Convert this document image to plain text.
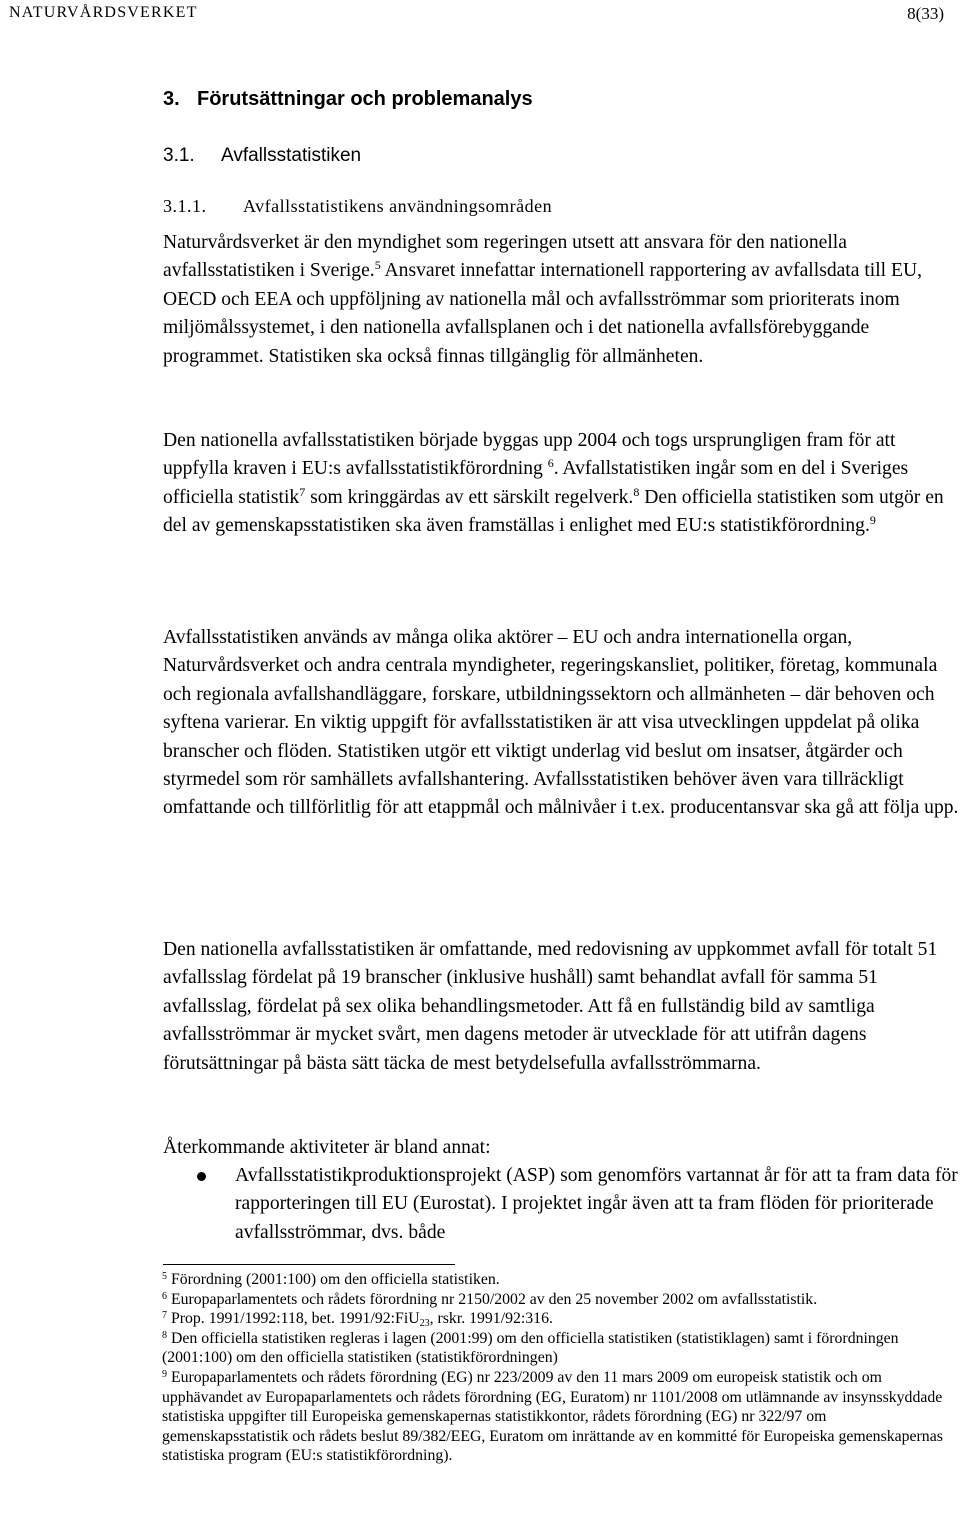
NATURVÅRDSVERKET	8(33)
3. Förutsättningar och problemanalys
3.1. Avfallsstatistiken
3.1.1. Avfallsstatistikens användningsområden
Naturvårdsverket är den myndighet som regeringen utsett att ansvara för den nationella avfallsstatistiken i Sverige.$^5$ Ansvaret innefattar internationell rapportering av avfallsdata till EU, OECD och EEA och uppföljning av nationella mål och avfallsströmmar som prioriterats inom miljömålssystemet, i den nationella avfallsplanen och i det nationella avfallsförebyggande programmet. Statistiken ska också finnas tillgänglig för allmänheten.
Den nationella avfallsstatistiken började byggas upp 2004 och togs ursprungligen fram för att uppfylla kraven i EU:s avfallsstatistikförordning $^6$. Avfallstatistiken ingår som en del i Sveriges officiella statistik$^7$ som kringgärdas av ett särskilt regelverk.$^8$ Den officiella statistiken som utgör en del av gemenskapsstatistiken ska även framställas i enlighet med EU:s statistikförordning.$^9$
Avfallsstatistiken används av många olika aktörer – EU och andra internationella organ, Naturvårdsverket och andra centrala myndigheter, regeringskansliet, politiker, företag, kommunala och regionala avfallshandläggare, forskare, utbildningssektorn och allmänheten – där behoven och syftena varierar. En viktig uppgift för avfallsstatistiken är att visa utvecklingen uppdelat på olika branscher och flöden. Statistiken utgör ett viktigt underlag vid beslut om insatser, åtgärder och styrmedel som rör samhällets avfallshantering. Avfallsstatistiken behöver även vara tillräckligt omfattande och tillförlitlig för att etappmål och målnivåer i t.ex. producentansvar ska gå att följa upp.
Den nationella avfallsstatistiken är omfattande, med redovisning av uppkommet avfall för totalt 51 avfallsslag fördelat på 19 branscher (inklusive hushåll) samt behandlat avfall för samma 51 avfallsslag, fördelat på sex olika behandlingsmetoder. Att få en fullständig bild av samtliga avfallsströmmar är mycket svårt, men dagens metoder är utvecklade för att utifrån dagens förutsättningar på bästa sätt täcka de mest betydelsefulla avfallsströmmarna.
Återkommande aktiviteter är bland annat:
Avfallsstatistikproduktionsprojekt (ASP) som genomförs vartannat år för att ta fram data för rapporteringen till EU (Eurostat). I projektet ingår även att ta fram flöden för prioriterade avfallsströmmar, dvs. både

$^5$ Förordning (2001:100) om den officiella statistiken.

$^6$ Europaparlamentets och rådets förordning nr 2150/2002 av den 25 november 2002 om avfallsstatistik.

$^7$ Prop. 1991/1992:118, bet. 1991/92:FiU$_{23}$, rskr. 1991/92:316.

$^8$ Den officiella statistiken regleras i lagen (2001:99) om den officiella statistiken (statistiklagen) samt i förordningen (2001:100) om den officiella statistiken (statistikförordningen)

$^9$ Europaparlamentets och rådets förordning (EG) nr 223/2009 av den 11 mars 2009 om europeisk statistik och om upphävandet av Europaparlamentets och rådets förordning (EG, Euratom) nr 1101/2008 om utlämnande av insynsskyddade statistiska uppgifter till Europeiska gemenskapernas statistikkontor, rådets förordning (EG) nr 322/97 om gemenskapsstatistik och rådets beslut 89/382/EEG, Euratom om inrättande av en kommitté för Europeiska gemenskapernas statistiska program (EU:s statistikförordning).
